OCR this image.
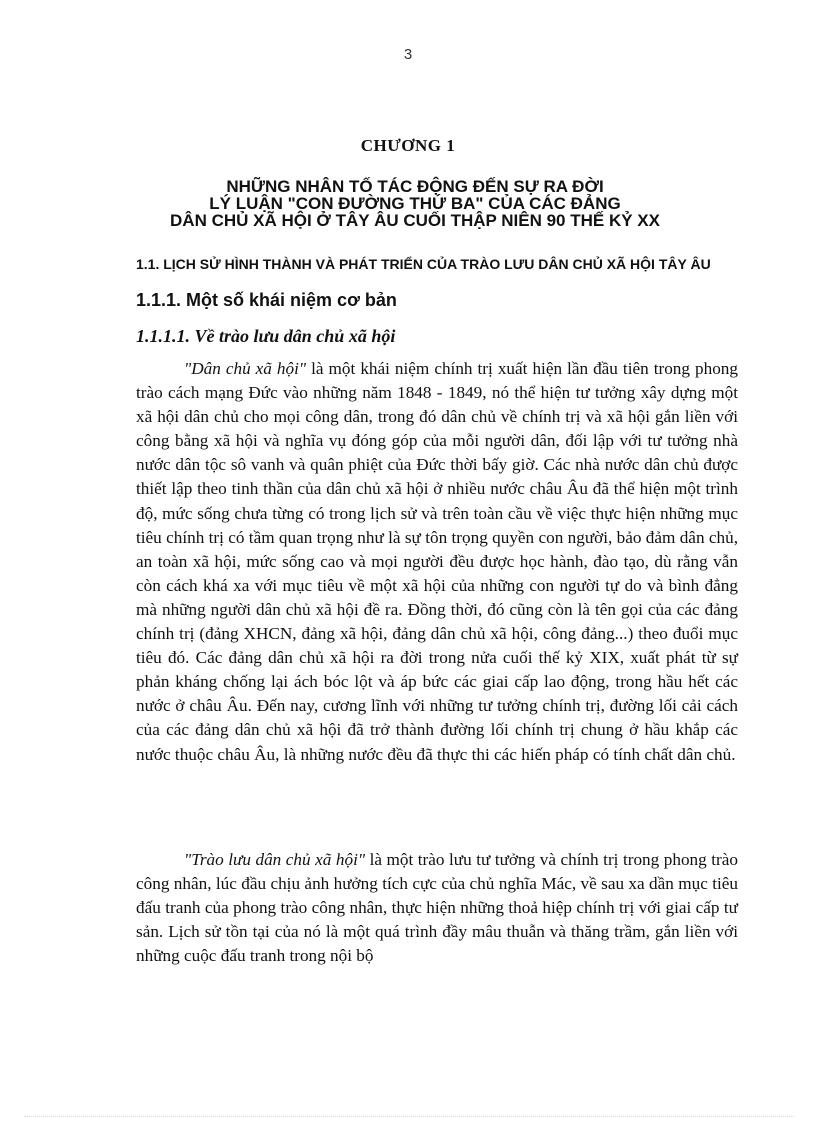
3
CHƯƠNG 1
NHỮNG NHÂN TỐ TÁC ĐỘNG ĐẾN SỰ RA ĐỜI
LÝ LUẬN "CON ĐƯỜNG THỨ BA" CỦA CÁC ĐẢNG
DÂN CHỦ XÃ HỘI Ở TÂY ÂU CUỐI THẬP NIÊN 90 THẾ KỶ XX
1.1. LỊCH SỬ HÌNH THÀNH VÀ PHÁT TRIỂN CỦA TRÀO LƯU DÂN CHỦ XÃ HỘI TÂY ÂU
1.1.1. Một số khái niệm cơ bản
1.1.1.1. Về trào lưu dân chủ xã hội
"Dân chủ xã hội" là một khái niệm chính trị xuất hiện lần đầu tiên trong phong trào cách mạng Đức vào những năm 1848 - 1849, nó thể hiện tư tưởng xây dựng một xã hội dân chủ cho mọi công dân, trong đó dân chủ về chính trị và xã hội gắn liền với công bằng xã hội và nghĩa vụ đóng góp của mỗi người dân, đối lập với tư tưởng nhà nước dân tộc sô vanh và quân phiệt của Đức thời bấy giờ. Các nhà nước dân chủ được thiết lập theo tinh thần của dân chủ xã hội ở nhiều nước châu Âu đã thể hiện một trình độ, mức sống chưa từng có trong lịch sử và trên toàn cầu về việc thực hiện những mục tiêu chính trị có tầm quan trọng như là sự tôn trọng quyền con người, bảo đảm dân chủ, an toàn xã hội, mức sống cao và mọi người đều được học hành, đào tạo, dù rằng vẫn còn cách khá xa với mục tiêu về một xã hội của những con người tự do và bình đẳng mà những người dân chủ xã hội đề ra. Đồng thời, đó cũng còn là tên gọi của các đảng chính trị (đảng XHCN, đảng xã hội, đảng dân chủ xã hội, công đảng...) theo đuổi mục tiêu đó. Các đảng dân chủ xã hội ra đời trong nửa cuối thế kỷ XIX, xuất phát từ sự phản kháng chống lại ách bóc lột và áp bức các giai cấp lao động, trong hầu hết các nước ở châu Âu. Đến nay, cương lĩnh với những tư tưởng chính trị, đường lối cải cách của các đảng dân chủ xã hội đã trở thành đường lối chính trị chung ở hầu khắp các nước thuộc châu Âu, là những nước đều đã thực thi các hiến pháp có tính chất dân chủ.
"Trào lưu dân chủ xã hội" là một trào lưu tư tưởng và chính trị trong phong trào công nhân, lúc đầu chịu ảnh hưởng tích cực của chủ nghĩa Mác, về sau xa dần mục tiêu đấu tranh của phong trào công nhân, thực hiện những thoả hiệp chính trị với giai cấp tư sản. Lịch sử tồn tại của nó là một quá trình đầy mâu thuẫn và thăng trầm, gắn liền với những cuộc đấu tranh trong nội bộ
